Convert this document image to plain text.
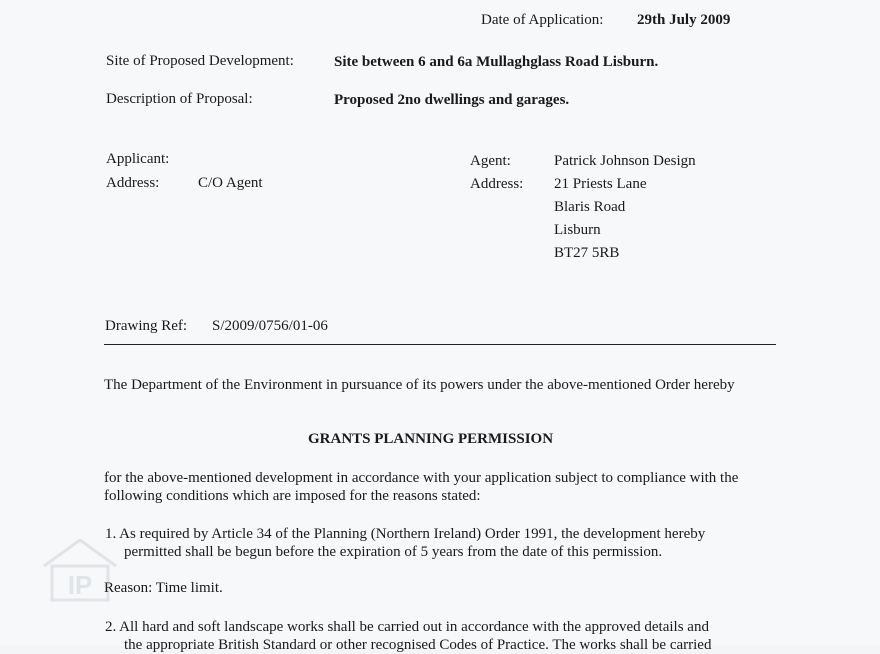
Date of Application: 29th July 2009
Site of Proposed Development:	Site between 6 and 6a Mullaghglass Road Lisburn.
Description of Proposal:	Proposed 2no dwellings and garages.
Applicant:
Address:	C/O Agent
Agent:	Patrick Johnson Design
Address: 21 Priests Lane
Blaris Road
Lisburn
BT27 5RB
Drawing Ref: S/2009/0756/01-06
The Department of the Environment in pursuance of its powers under the above-mentioned Order hereby
GRANTS PLANNING PERMISSION
for the above-mentioned development in accordance with your application subject to compliance with the following conditions which are imposed for the reasons stated:
1. As required by Article 34 of the Planning (Northern Ireland) Order 1991, the development hereby
permitted shall be begun before the expiration of 5 years from the date of this permission.
Reason: Time limit.
2. All hard and soft landscape works shall be carried out in accordance with the approved details and
the appropriate British Standard or other recognised Codes of Practice. The works shall be carried
IP
